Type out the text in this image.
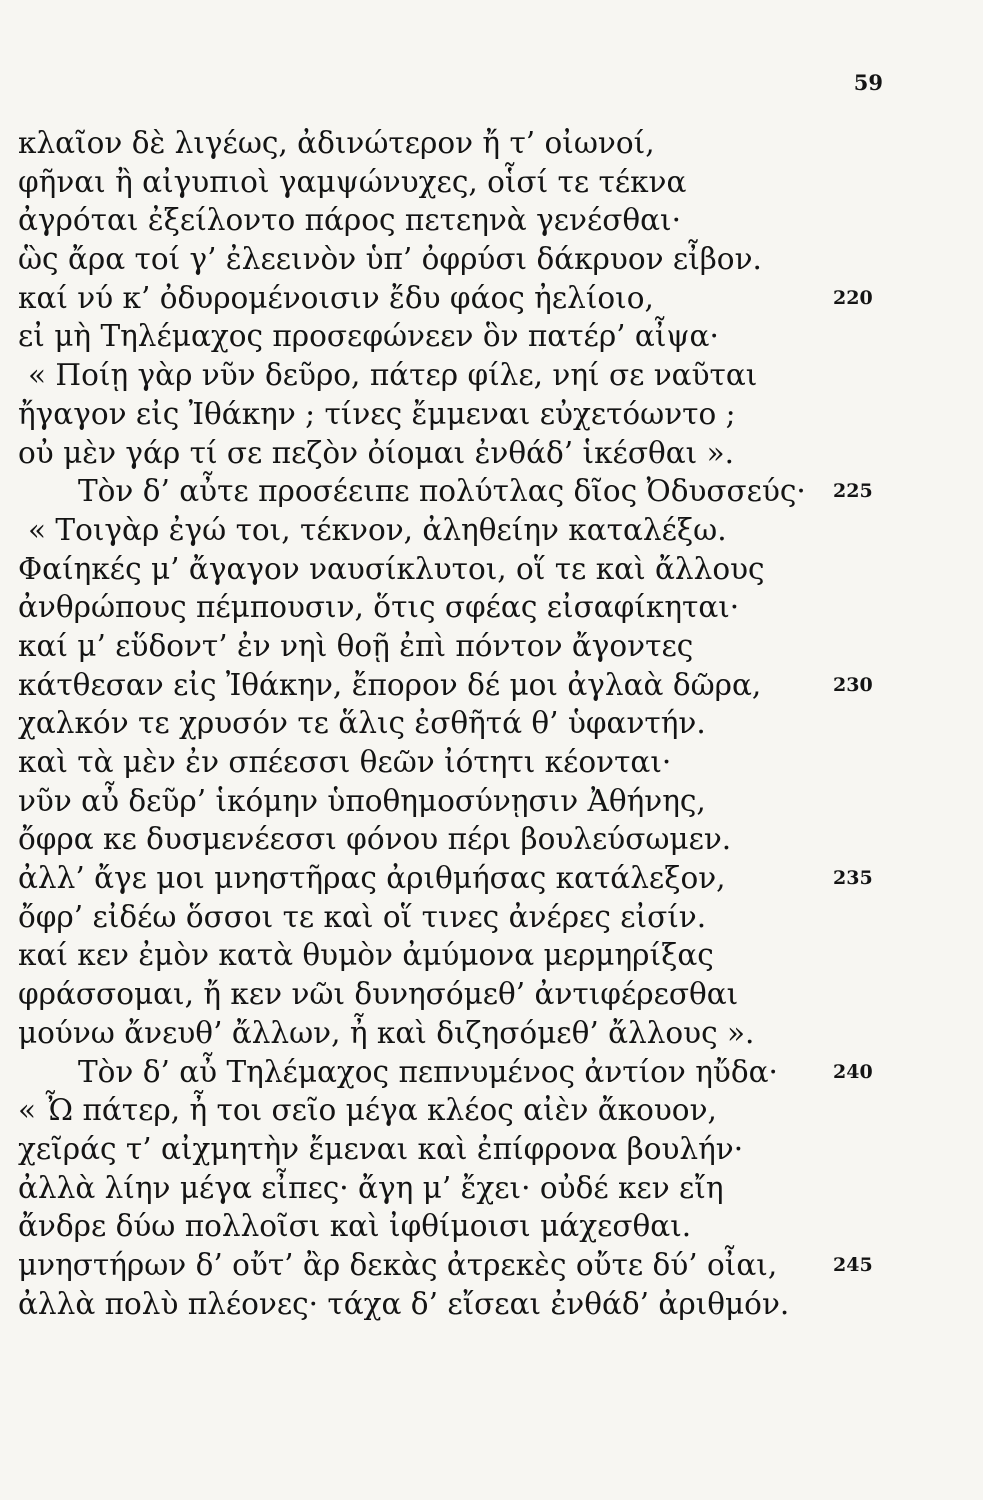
59
κλαῖον δὲ λιγέως, ἀδινώτερον ἤ τ’ οἰωνοί,
φῆναι ἢ αἰγυπιοὶ γαμψώνυχες, οἷσί τε τέκνα
ἀγρόται ἐξείλοντο πάρος πετεηνὰ γενέσθαι·
ὣς ἄρα τοί γ’ ἐλεεινὸν ὑπ’ ὀφρύσι δάκρυον εἶβον.
καί νύ κ’ ὀδυρομένοισιν ἔδυ φάος ἠελίοιο,	220
εἰ μὴ Τηλέμαχος προσεφώνεεν ὃν πατέρ’ αἶψα·
« Ποίῃ γὰρ νῦν δεῦρο, πάτερ φίλε, νηί σε ναῦται
ἤγαγον εἰς Ἰθάκην ; τίνες ἔμμεναι εὐχετόωντο ;
οὐ μὲν γάρ τί σε πεζὸν ὀίομαι ἐνθάδ’ ἱκέσθαι ».
Τὸν δ’ αὖτε προσέειπε πολύτλας δῖος Ὀδυσσεύς· 225
« Τοιγὰρ ἐγώ τοι, τέκνον, ἀληθείην καταλέξω.
Φαίηκές μ’ ἄγαγον ναυσίκλυτοι, οἵ τε καὶ ἄλλους
ἀνθρώπους πέμπουσιν, ὅτις σφέας εἰσαφίκηται·
καί μ’ εὕδοντ’ ἐν νηὶ θοῇ ἐπὶ πόντον ἄγοντες
κάτθεσαν εἰς Ἰθάκην, ἔπορον δέ μοι ἀγλαὰ δῶρα,	230
χαλκόν τε χρυσόν τε ἅλις ἐσθῆτά θ’ ὑφαντήν.
καὶ τὰ μὲν ἐν σπέεσσι θεῶν ἰότητι κέονται·
νῦν αὖ δεῦρ’ ἱκόμην ὑποθημοσύνῃσιν Ἀθήνης,
ὄφρα κε δυσμενέεσσι φόνου πέρι βουλεύσωμεν.
ἀλλ’ ἄγε μοι μνηστῆρας ἀριθμήσας κατάλεξον,	235
ὄφρ’ εἰδέω ὅσσοι τε καὶ οἵ τινες ἀνέρες εἰσίν.
καί κεν ἐμὸν κατὰ θυμὸν ἀμύμονα μερμηρίξας
φράσσομαι, ἤ κεν νῶι δυνησόμεθ’ ἀντιφέρεσθαι
μούνω ἄνευθ’ ἄλλων, ἦ καὶ διζησόμεθ’ ἄλλους ».
Τὸν δ’ αὖ Τηλέμαχος πεπνυμένος ἀντίον ηὔδα·	240
« Ὦ πάτερ, ἦ τοι σεῖο μέγα κλέος αἰὲν ἄκουον,
χεῖράς τ’ αἰχμητὴν ἔμεναι καὶ ἐπίφρονα βουλήν·
ἀλλὰ λίην μέγα εἶπες· ἄγη μ’ ἔχει· οὐδέ κεν εἴη
ἄνδρε δύω πολλοῖσι καὶ ἰφθίμοισι μάχεσθαι.
μνηστήρων δ’ οὔτ’ ἂρ δεκὰς ἀτρεκὲς οὔτε δύ’ οἶαι,	245
ἀλλὰ πολὺ πλέονες· τάχα δ’ εἴσεαι ἐνθάδ’ ἀριθμόν.
